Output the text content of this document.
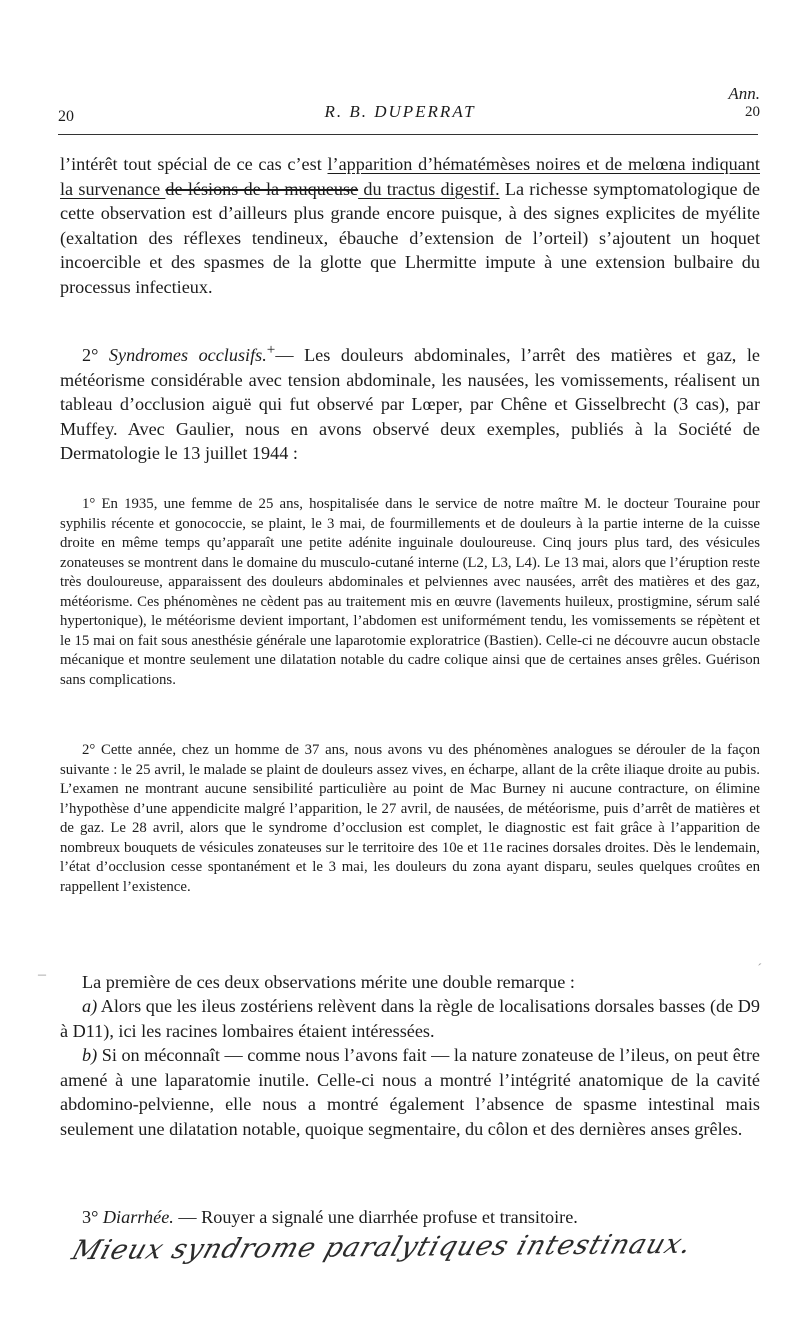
Ann.
20
20	R. B. DUPERRAT

l’intérêt tout spécial de ce cas c’est l’apparition d’hématémèses noires et de melœna indiquant la survenance de lésions de la muqueuse du tractus digestif. La richesse symptomatologique de cette observation est d’ailleurs plus grande encore puisque, à des signes explicites de myélite (exaltation des réflexes tendineux, ébauche d’extension de l’orteil) s’ajoutent un hoquet incoercible et des spasmes de la glotte que Lhermitte impute à une extension bulbaire du processus infectieux.

2° Syndromes occlusifs.+— Les douleurs abdominales, l’arrêt des matières et gaz, le météorisme considérable avec tension abdominale, les nausées, les vomissements, réalisent un tableau d’occlusion aiguë qui fut observé par Lœper, par Chêne et Gisselbrecht (3 cas), par Muffey. Avec Gaulier, nous en avons observé deux exemples, publiés à la Société de Dermatologie le 13 juillet 1944 :

1° En 1935, une femme de 25 ans, hospitalisée dans le service de notre maître M. le docteur Touraine pour syphilis récente et gonococcie, se plaint, le 3 mai, de fourmillements et de douleurs à la partie interne de la cuisse droite en même temps qu’apparaît une petite adénite inguinale douloureuse. Cinq jours plus tard, des vésicules zonateuses se montrent dans le domaine du musculo-cutané interne (L2, L3, L4). Le 13 mai, alors que l’éruption reste très douloureuse, apparaissent des douleurs abdominales et pelviennes avec nausées, arrêt des matières et des gaz, météorisme. Ces phénomènes ne cèdent pas au traitement mis en œuvre (lavements huileux, prostigmine, sérum salé hypertonique), le météorisme devient important, l’abdomen est uniformément tendu, les vomissements se répètent et le 15 mai on fait sous anesthésie générale une laparotomie exploratrice (Bastien). Celle-ci ne découvre aucun obstacle mécanique et montre seulement une dilatation notable du cadre colique ainsi que de certaines anses grêles. Guérison sans complications.

2° Cette année, chez un homme de 37 ans, nous avons vu des phénomènes analogues se dérouler de la façon suivante : le 25 avril, le malade se plaint de douleurs assez vives, en écharpe, allant de la crête iliaque droite au pubis. L’examen ne montrant aucune sensibilité particulière au point de Mac Burney ni aucune contracture, on élimine l’hypothèse d’une appendicite malgré l’apparition, le 27 avril, de nausées, de météorisme, puis d’arrêt de matières et de gaz. Le 28 avril, alors que le syndrome d’occlusion est complet, le diagnostic est fait grâce à l’apparition de nombreux bouquets de vésicules zonateuses sur le territoire des 10e et 11e racines dorsales droites. Dès le lendemain, l’état d’occlusion cesse spontanément et le 3 mai, les douleurs du zona ayant disparu, seules quelques croûtes en rappellent l’existence.

La première de ces deux observations mérite une double remarque :

a) Alors que les ileus zostériens relèvent dans la règle de localisations dorsales basses (de D9 à D11), ici les racines lombaires étaient intéressées.

b) Si on méconnaît — comme nous l’avons fait — la nature zonateuse de l’ileus, on peut être amené à une laparatomie inutile. Celle-ci nous a montré l’intégrité anatomique de la cavité abdomino-pelvienne, elle nous a montré également l’absence de spasme intestinal mais seulement une dilatation notable, quoique segmentaire, du côlon et des dernières anses grêles.

3° Diarrhée. — Rouyer a signalé une diarrhée profuse et transitoire.

Mieux syndrome paralytiques intestinaux.
–	ˊ
